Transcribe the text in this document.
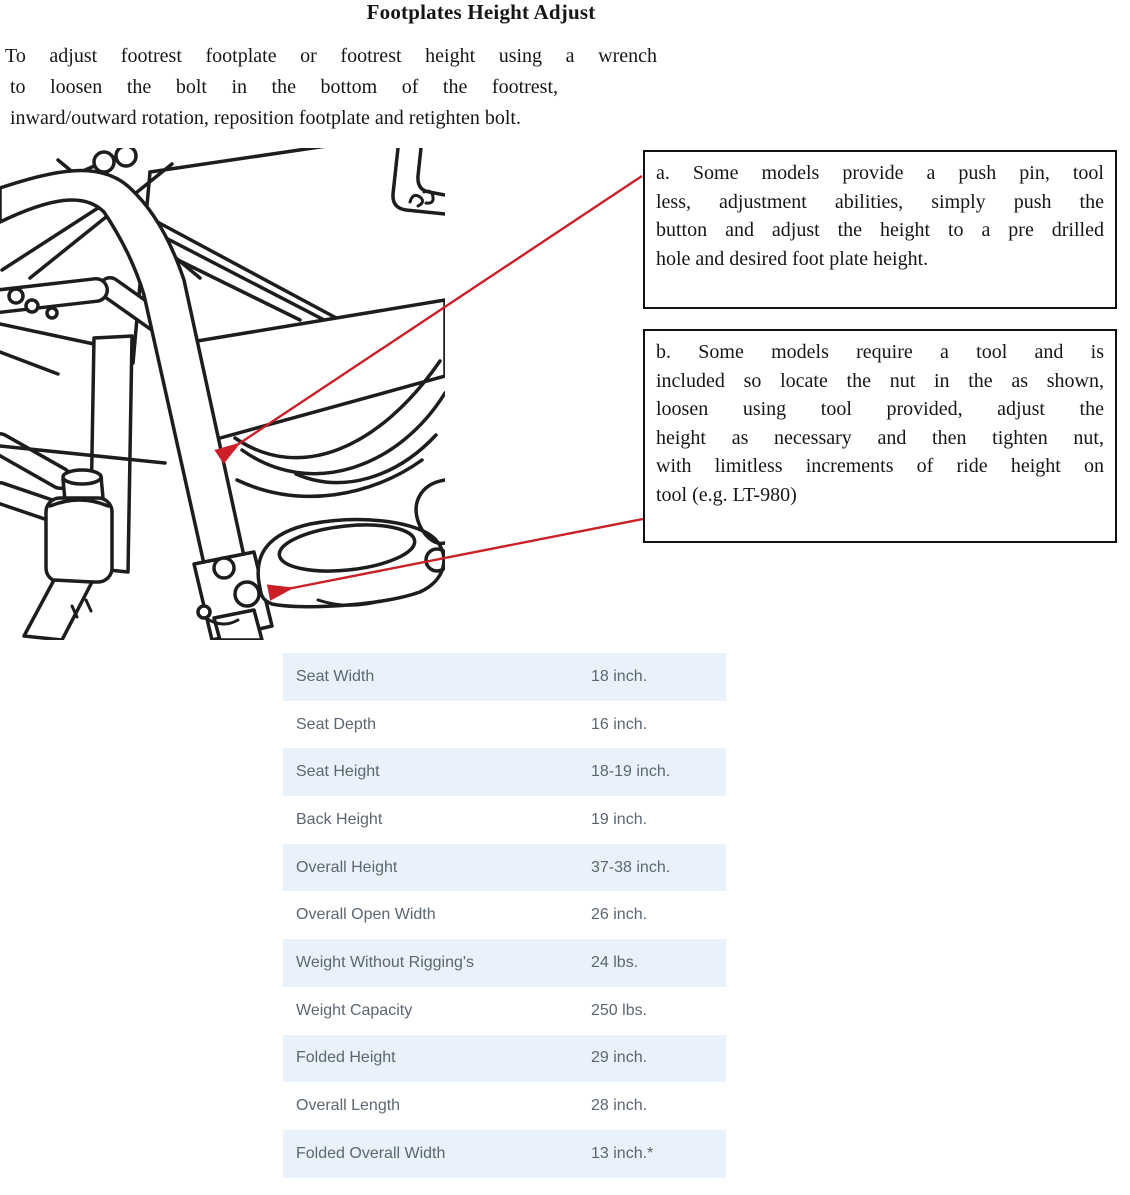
Footplates Height Adjust
To adjust footrest footplate or footrest height using a wrench
to loosen the bolt in the bottom of the footrest,
inward/outward rotation, reposition footplate and retighten bolt.
a. Some models provide a push pin, tool
less, adjustment abilities, simply push the
button and adjust the height to a pre drilled
hole and desired foot plate height.
b. Some models require a tool and is
included so locate the nut in the as shown,
loosen using tool provided, adjust the
height as necessary and then tighten nut,
with limitless increments of ride height on
tool (e.g. LT-980)
Seat Width	18 inch.
Seat Depth	16 inch.
Seat Height	18-19 inch.
Back Height	19 inch.
Overall Height	37-38 inch.
Overall Open Width	26 inch.
Weight Without Rigging's	24 lbs.
Weight Capacity	250 lbs.
Folded Height	29 inch.
Overall Length	28 inch.
Folded Overall Width	13 inch.*
